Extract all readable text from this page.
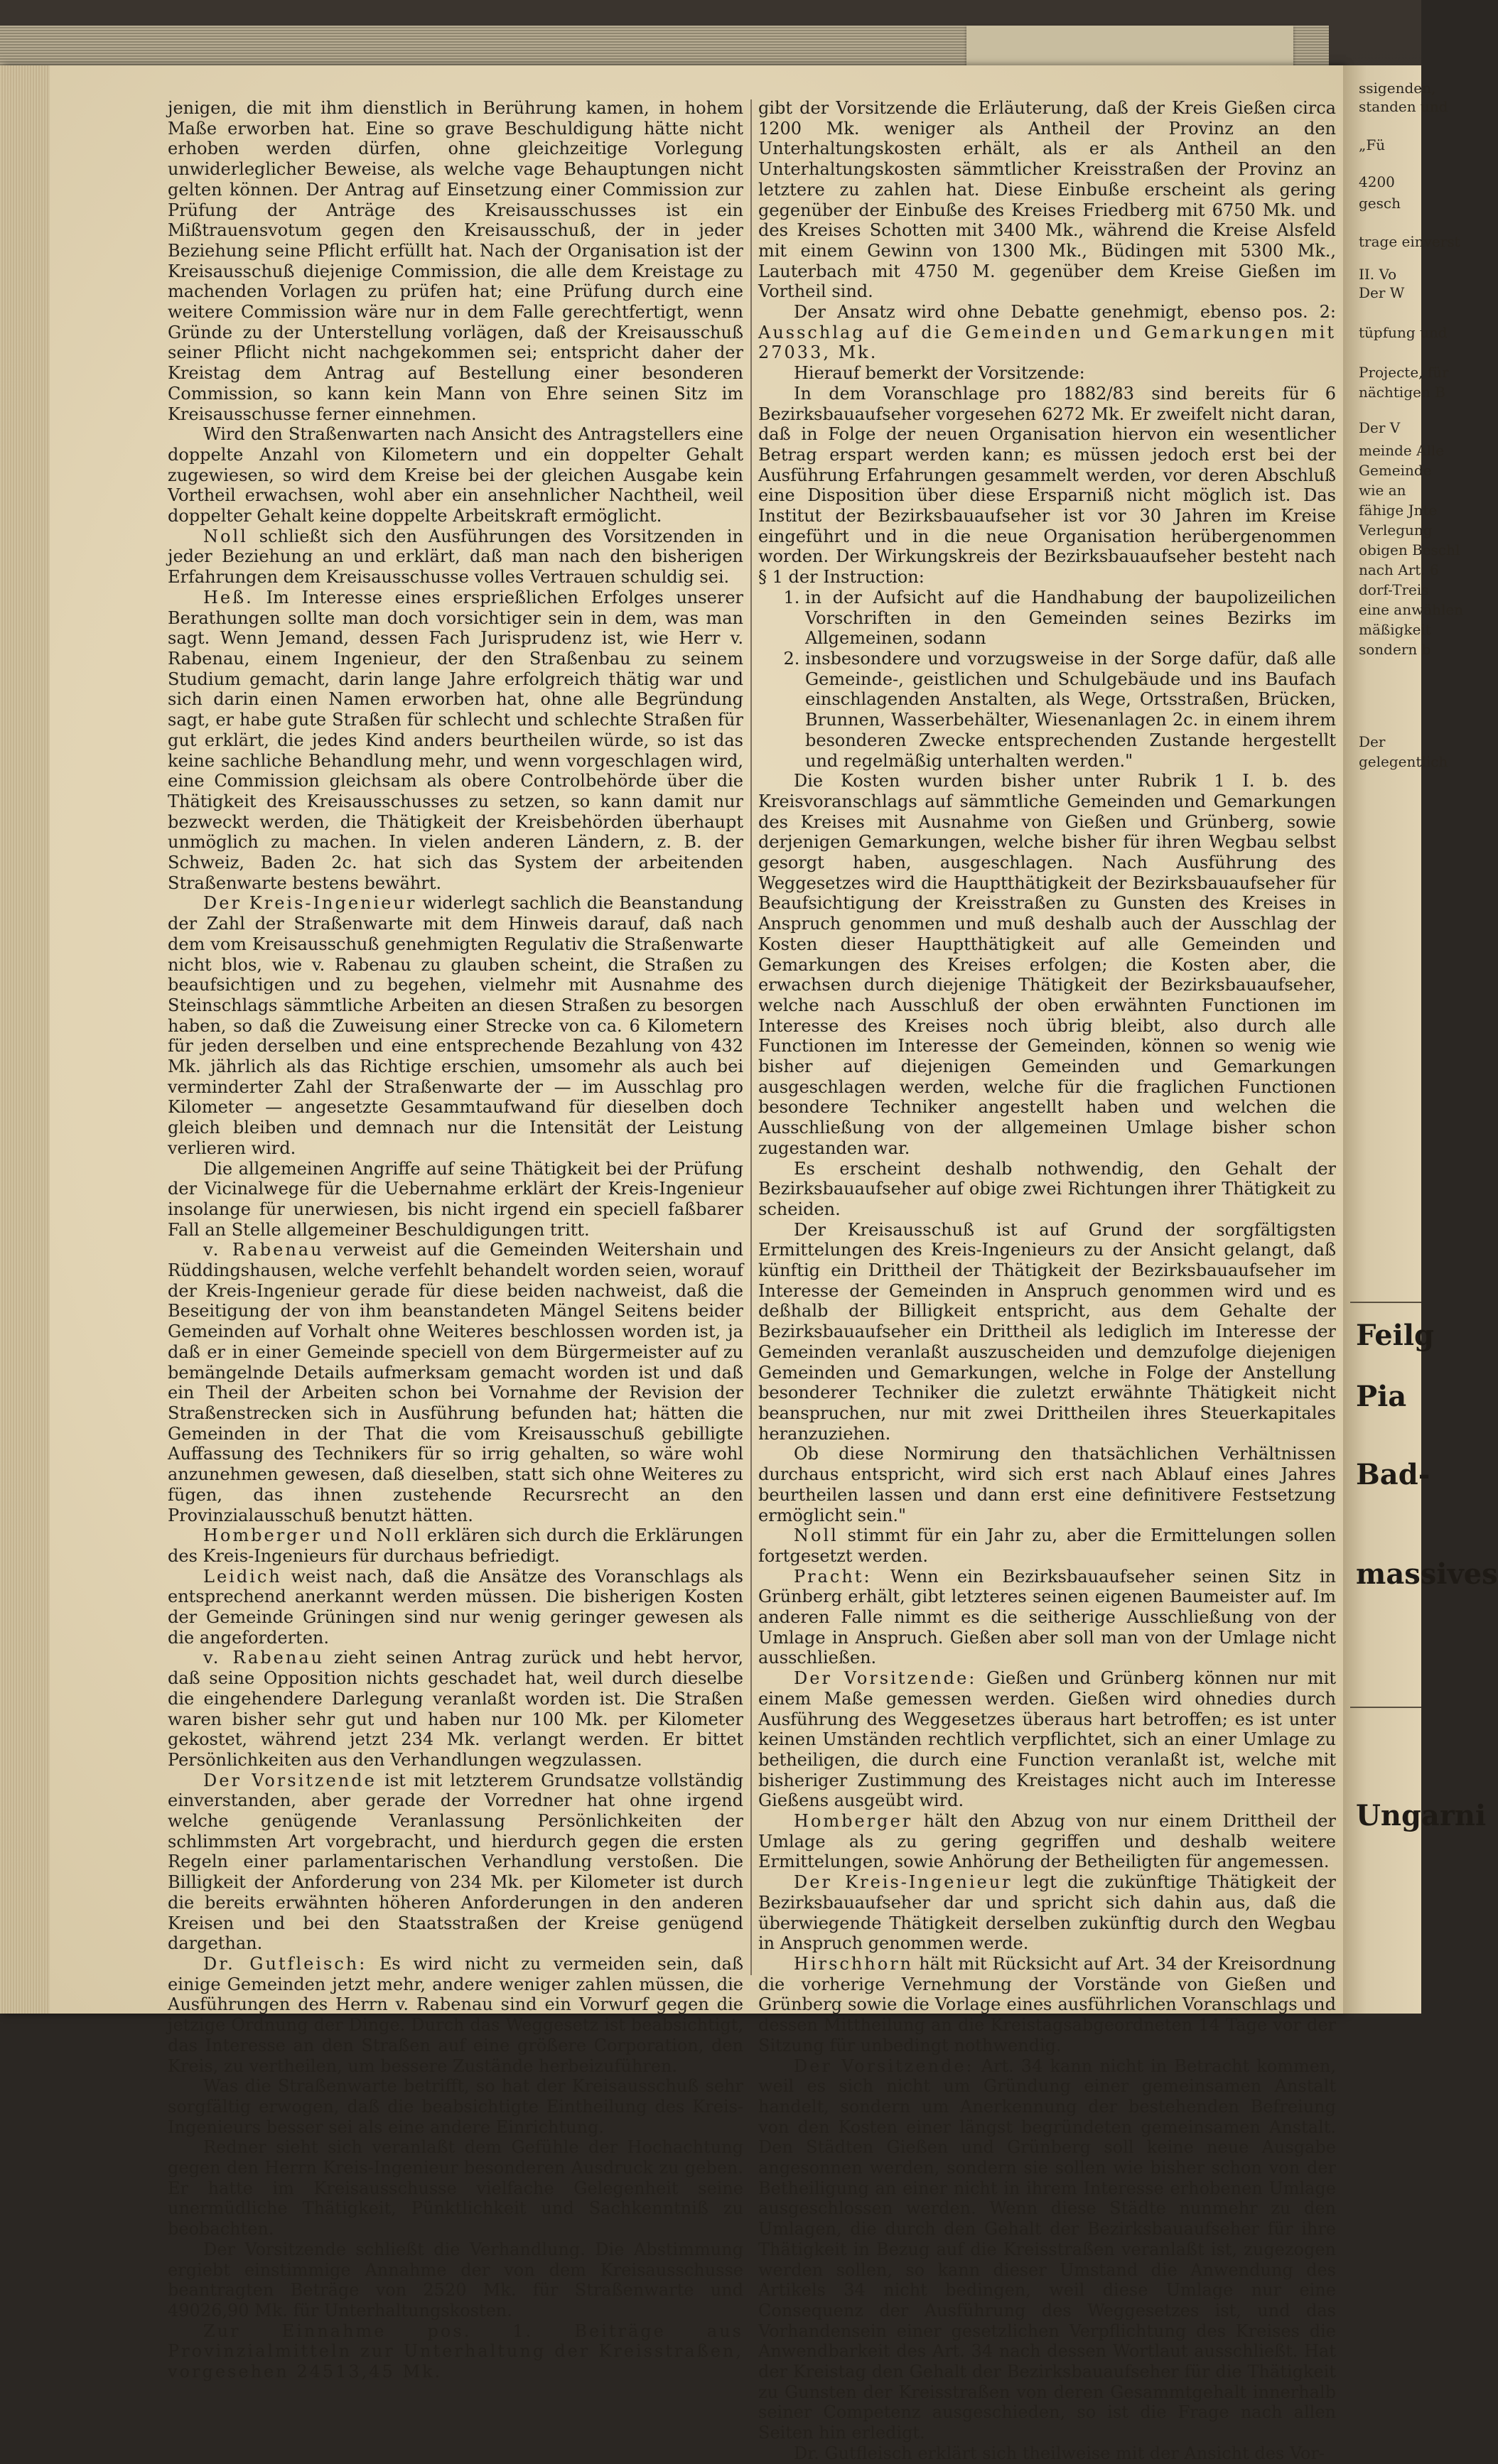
jenigen, die mit ihm dienstlich in Berührung kamen, in hohem Maße erworben hat. Eine so grave Beschuldigung hätte nicht erhoben werden dürfen, ohne gleichzeitige Vorlegung unwiderleglicher Beweise, als welche vage Behauptungen nicht gelten können. Der Antrag auf Einsetzung einer Commission zur Prüfung der Anträge des Kreisausschusses ist ein Mißtrauensvotum gegen den Kreisausschuß, der in jeder Beziehung seine Pflicht erfüllt hat. Nach der Organisation ist der Kreisausschuß diejenige Commission, die alle dem Kreistage zu machenden Vorlagen zu prüfen hat; eine Prüfung durch eine weitere Commission wäre nur in dem Falle gerechtfertigt, wenn Gründe zu der Unterstellung vorlägen, daß der Kreisausschuß seiner Pflicht nicht nachgekommen sei; entspricht daher der Kreistag dem Antrag auf Bestellung einer besonderen Commission, so kann kein Mann von Ehre seinen Sitz im Kreisausschusse ferner einnehmen.

Wird den Straßenwarten nach Ansicht des Antragstellers eine doppelte Anzahl von Kilometern und ein doppelter Gehalt zugewiesen, so wird dem Kreise bei der gleichen Ausgabe kein Vortheil erwachsen, wohl aber ein ansehnlicher Nachtheil, weil doppelter Gehalt keine doppelte Arbeitskraft ermöglicht.

Noll schließt sich den Ausführungen des Vorsitzenden in jeder Beziehung an und erklärt, daß man nach den bisherigen Erfahrungen dem Kreisausschusse volles Vertrauen schuldig sei.

Heß. Im Interesse eines ersprießlichen Erfolges unserer Berathungen sollte man doch vorsichtiger sein in dem, was man sagt. Wenn Jemand, dessen Fach Jurisprudenz ist, wie Herr v. Rabenau, einem Ingenieur, der den Straßenbau zu seinem Studium gemacht, darin lange Jahre erfolgreich thätig war und sich darin einen Namen erworben hat, ohne alle Begründung sagt, er habe gute Straßen für schlecht und schlechte Straßen für gut erklärt, die jedes Kind anders beurtheilen würde, so ist das keine sachliche Behandlung mehr, und wenn vorgeschlagen wird, eine Commission gleichsam als obere Controlbehörde über die Thätigkeit des Kreisausschusses zu setzen, so kann damit nur bezweckt werden, die Thätigkeit der Kreisbehörden überhaupt unmöglich zu machen. In vielen anderen Ländern, z. B. der Schweiz, Baden 2c. hat sich das System der arbeitenden Straßenwarte bestens bewährt.

Der Kreis-Ingenieur widerlegt sachlich die Beanstandung der Zahl der Straßenwarte mit dem Hinweis darauf, daß nach dem vom Kreisausschuß genehmigten Regulativ die Straßenwarte nicht blos, wie v. Rabenau zu glauben scheint, die Straßen zu beaufsichtigen und zu begehen, vielmehr mit Ausnahme des Steinschlags sämmtliche Arbeiten an diesen Straßen zu besorgen haben, so daß die Zuweisung einer Strecke von ca. 6 Kilometern für jeden derselben und eine entsprechende Bezahlung von 432 Mk. jährlich als das Richtige erschien, umsomehr als auch bei verminderter Zahl der Straßenwarte der — im Ausschlag pro Kilometer — angesetzte Gesammtaufwand für dieselben doch gleich bleiben und demnach nur die Intensität der Leistung verlieren wird.

Die allgemeinen Angriffe auf seine Thätigkeit bei der Prüfung der Vicinalwege für die Uebernahme erklärt der Kreis-Ingenieur insolange für unerwiesen, bis nicht irgend ein speciell faßbarer Fall an Stelle allgemeiner Beschuldigungen tritt.

v. Rabenau verweist auf die Gemeinden Weitershain und Rüddingshausen, welche verfehlt behandelt worden seien, worauf der Kreis-Ingenieur gerade für diese beiden nachweist, daß die Beseitigung der von ihm beanstandeten Mängel Seitens beider Gemeinden auf Vorhalt ohne Weiteres beschlossen worden ist, ja daß er in einer Gemeinde speciell von dem Bürgermeister auf zu bemängelnde Details aufmerksam gemacht worden ist und daß ein Theil der Arbeiten schon bei Vornahme der Revision der Straßenstrecken sich in Ausführung befunden hat; hätten die Gemeinden in der That die vom Kreisausschuß gebilligte Auffassung des Technikers für so irrig gehalten, so wäre wohl anzunehmen gewesen, daß dieselben, statt sich ohne Weiteres zu fügen, das ihnen zustehende Recursrecht an den Provinzialausschuß benutzt hätten.

Homberger und Noll erklären sich durch die Erklärungen des Kreis-Ingenieurs für durchaus befriedigt.

Leidich weist nach, daß die Ansätze des Voranschlags als entsprechend anerkannt werden müssen. Die bisherigen Kosten der Gemeinde Grüningen sind nur wenig geringer gewesen als die angeforderten.

v. Rabenau zieht seinen Antrag zurück und hebt hervor, daß seine Opposition nichts geschadet hat, weil durch dieselbe die eingehendere Darlegung veranlaßt worden ist. Die Straßen waren bisher sehr gut und haben nur 100 Mk. per Kilometer gekostet, während jetzt 234 Mk. verlangt werden. Er bittet Persönlichkeiten aus den Verhandlungen wegzulassen.

Der Vorsitzende ist mit letzterem Grundsatze vollständig einverstanden, aber gerade der Vorredner hat ohne irgend welche genügende Veranlassung Persönlichkeiten der schlimmsten Art vorgebracht, und hierdurch gegen die ersten Regeln einer parlamentarischen Verhandlung verstoßen. Die Billigkeit der Anforderung von 234 Mk. per Kilometer ist durch die bereits erwähnten höheren Anforderungen in den anderen Kreisen und bei den Staatsstraßen der Kreise genügend dargethan.

Dr. Gutfleisch: Es wird nicht zu vermeiden sein, daß einige Gemeinden jetzt mehr, andere weniger zahlen müssen, die Ausführungen des Herrn v. Rabenau sind ein Vorwurf gegen die jetzige Ordnung der Dinge. Durch das Weggesetz ist beabsichtigt, das Interesse an den Straßen auf eine größere Corporation, den Kreis, zu vertheilen, um bessere Zustände herbeizuführen.

Was die Straßenwarte betrifft, so hat der Kreisausschuß sehr sorgfältig erwogen, daß die beabsichtigte Eintheilung des Kreis-Ingenieurs besser sei als eine andere Einrichtung.

Redner sieht sich veranlaßt dem Gefühle der Hochachtung gegen den Herrn Kreis-Ingenieur besonderen Ausdruck zu geben. Er hatte im Kreisausschusse vielfache Gelegenheit seine unermüdliche Thätigkeit, Pünktlichkeit und Sachkenntniß zu beobachten.

Der Vorsitzende schließt die Verhandlung. Die Abstimmung ergiebt einstimmige Annahme der von dem Kreisausschusse beantragten Beträge von 2520 Mk. für Straßenwarte und 49026,90 Mk. für Unterhaltungskosten.

Zur Einnahme pos. 1. Beiträge aus Provinzialmitteln zur Unterhaltung der Kreisstraßen, vorgesehen 24513,45 Mk.

gibt der Vorsitzende die Erläuterung, daß der Kreis Gießen circa 1200 Mk. weniger als Antheil der Provinz an den Unterhaltungskosten erhält, als er als Antheil an den Unterhaltungskosten sämmtlicher Kreisstraßen der Provinz an letztere zu zahlen hat. Diese Einbuße erscheint als gering gegenüber der Einbuße des Kreises Friedberg mit 6750 Mk. und des Kreises Schotten mit 3400 Mk., während die Kreise Alsfeld mit einem Gewinn von 1300 Mk., Büdingen mit 5300 Mk., Lauterbach mit 4750 M. gegenüber dem Kreise Gießen im Vortheil sind.

Der Ansatz wird ohne Debatte genehmigt, ebenso pos. 2: Ausschlag auf die Gemeinden und Gemarkungen mit 27033, Mk.

Hierauf bemerkt der Vorsitzende:

In dem Voranschlage pro 1882/83 sind bereits für 6 Bezirksbauaufseher vorgesehen 6272 Mk. Er zweifelt nicht daran, daß in Folge der neuen Organisation hiervon ein wesentlicher Betrag erspart werden kann; es müssen jedoch erst bei der Ausführung Erfahrungen gesammelt werden, vor deren Abschluß eine Disposition über diese Ersparniß nicht möglich ist. Das Institut der Bezirksbauaufseher ist vor 30 Jahren im Kreise eingeführt und in die neue Organisation herübergenommen worden. Der Wirkungskreis der Bezirksbauaufseher besteht nach § 1 der Instruction:

1. in der Aufsicht auf die Handhabung der baupolizeilichen Vorschriften in den Gemeinden seines Bezirks im Allgemeinen, sodann
2. insbesondere und vorzugsweise in der Sorge dafür, daß alle Gemeinde-, geistlichen und Schulgebäude und ins Baufach einschlagenden Anstalten, als Wege, Ortsstraßen, Brücken, Brunnen, Wasserbehälter, Wiesenanlagen 2c. in einem ihrem besonderen Zwecke entsprechenden Zustande hergestellt und regelmäßig unterhalten werden."

Die Kosten wurden bisher unter Rubrik 1 I. b. des Kreisvoranschlags auf sämmtliche Gemeinden und Gemarkungen des Kreises mit Ausnahme von Gießen und Grünberg, sowie derjenigen Gemarkungen, welche bisher für ihren Wegbau selbst gesorgt haben, ausgeschlagen. Nach Ausführung des Weggesetzes wird die Hauptthätigkeit der Bezirksbauaufseher für Beaufsichtigung der Kreisstraßen zu Gunsten des Kreises in Anspruch genommen und muß deshalb auch der Ausschlag der Kosten dieser Hauptthätigkeit auf alle Gemeinden und Gemarkungen des Kreises erfolgen; die Kosten aber, die erwachsen durch diejenige Thätigkeit der Bezirksbauaufseher, welche nach Ausschluß der oben erwähnten Functionen im Interesse des Kreises noch übrig bleibt, also durch alle Functionen im Interesse der Gemeinden, können so wenig wie bisher auf diejenigen Gemeinden und Gemarkungen ausgeschlagen werden, welche für die fraglichen Functionen besondere Techniker angestellt haben und welchen die Ausschließung von der allgemeinen Umlage bisher schon zugestanden war.

Es erscheint deshalb nothwendig, den Gehalt der Bezirksbauaufseher auf obige zwei Richtungen ihrer Thätigkeit zu scheiden.

Der Kreisausschuß ist auf Grund der sorgfältigsten Ermittelungen des Kreis-Ingenieurs zu der Ansicht gelangt, daß künftig ein Drittheil der Thätigkeit der Bezirksbauaufseher im Interesse der Gemeinden in Anspruch genommen wird und es deßhalb der Billigkeit entspricht, aus dem Gehalte der Bezirksbauaufseher ein Drittheil als lediglich im Interesse der Gemeinden veranlaßt auszuscheiden und demzufolge diejenigen Gemeinden und Gemarkungen, welche in Folge der Anstellung besonderer Techniker die zuletzt erwähnte Thätigkeit nicht beanspruchen, nur mit zwei Drittheilen ihres Steuerkapitales heranzuziehen.

Ob diese Normirung den thatsächlichen Verhältnissen durchaus entspricht, wird sich erst nach Ablauf eines Jahres beurtheilen lassen und dann erst eine definitivere Festsetzung ermöglicht sein."

Noll stimmt für ein Jahr zu, aber die Ermittelungen sollen fortgesetzt werden.

Pracht: Wenn ein Bezirksbauaufseher seinen Sitz in Grünberg erhält, gibt letzteres seinen eigenen Baumeister auf. Im anderen Falle nimmt es die seitherige Ausschließung von der Umlage in Anspruch. Gießen aber soll man von der Umlage nicht ausschließen.

Der Vorsitzende: Gießen und Grünberg können nur mit einem Maße gemessen werden. Gießen wird ohnedies durch Ausführung des Weggesetzes überaus hart betroffen; es ist unter keinen Umständen rechtlich verpflichtet, sich an einer Umlage zu betheiligen, die durch eine Function veranlaßt ist, welche mit bisheriger Zustimmung des Kreistages nicht auch im Interesse Gießens ausgeübt wird.

Homberger hält den Abzug von nur einem Drittheil der Umlage als zu gering gegriffen und deshalb weitere Ermittelungen, sowie Anhörung der Betheiligten für angemessen.

Der Kreis-Ingenieur legt die zukünftige Thätigkeit der Bezirksbauaufseher dar und spricht sich dahin aus, daß die überwiegende Thätigkeit derselben zukünftig durch den Wegbau in Anspruch genommen werde.

Hirschhorn hält mit Rücksicht auf Art. 34 der Kreisordnung die vorherige Vernehmung der Vorstände von Gießen und Grünberg sowie die Vorlage eines ausführlichen Voranschlags und dessen Mittheilung an die Kreistagsabgeordneten 14 Tage vor der Sitzung für unbedingt nothwendig.

Der Vorsitzende: Art. 34 kann nicht in Betracht kommen, weil es sich nicht um Gründung einer gemeinsamen Anstalt handelt, sondern um Anerkennung der bestehenden Befreiung von den Kosten einer längst begründeten gemeinsamen Anstalt. Den Städten Gießen und Grünberg soll keine neue Ausgabe angesonnen werden, sondern sie sollen wie bisher schon von der Betheiligung an einer nicht in ihrem Interesse erhobenen Umlage ausgeschlossen werden. Wenn diese Städte nunmehr zu den Umlagen, die durch den Gehalt der Bezirksbauaufseher für ihre Thätigkeit in Bezug auf die Kreisstraßen veranlaßt ist, zugezogen werden sollen, so kann dieser Umstand die Anwendung des Artikels 34 nicht bedingen, weil diese Umlage nur eine Consequenz der Ausführung des Weggesetzes ist, und das Vorhandensein einer gesetzlichen Verpflichtung des Kreises die Anwendbarkeit des Art. 34 nach dessen Wortlaut ausschließt. Hat der Kreistag den Gehalt der Bezirksbauaufseher für die Thätigkeit zu Gunsten der Kreisstraßen von deren Gesammtgehalt innerhalb seiner Competenz ausgeschieden, so ist die Frage nach allen Seiten hin erledigt.

Dr. Gutfleisch erklärt sich theilweise mit der Ansicht des Vor-

ssigenden,
standen und
„Fü
4200
gesch
trage einverst
II. Vo
Der W
tüpfung und
Projecte, für
nächtigen B
Der V
meinde Alle
Gemeinde
wie an
fähige Jnte
Verlegung
obigen Beschl
nach Art. 6
dorf-Treis
eine anwählen
mäßigkeit
sondern b
Der
gelegentlich
Feilg
Pia
Bad-
massives
Ungarni
